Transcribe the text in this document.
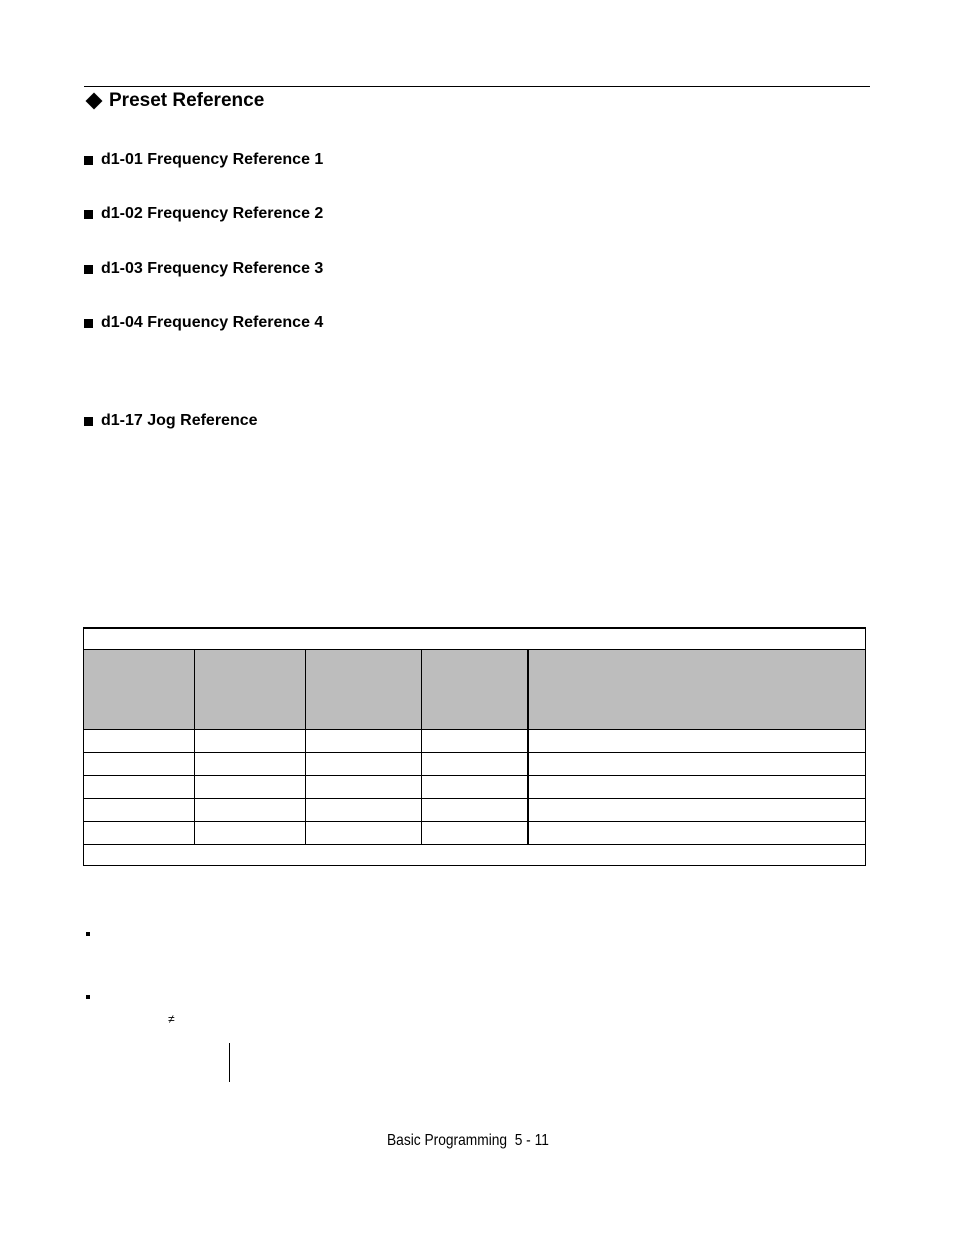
Preset Reference
d1-01 Frequency Reference 1
d1-02 Frequency Reference 2
d1-03 Frequency Reference 3
d1-04 Frequency Reference 4
d1-17 Jog Reference

≠
Basic Programming  5 - 11
